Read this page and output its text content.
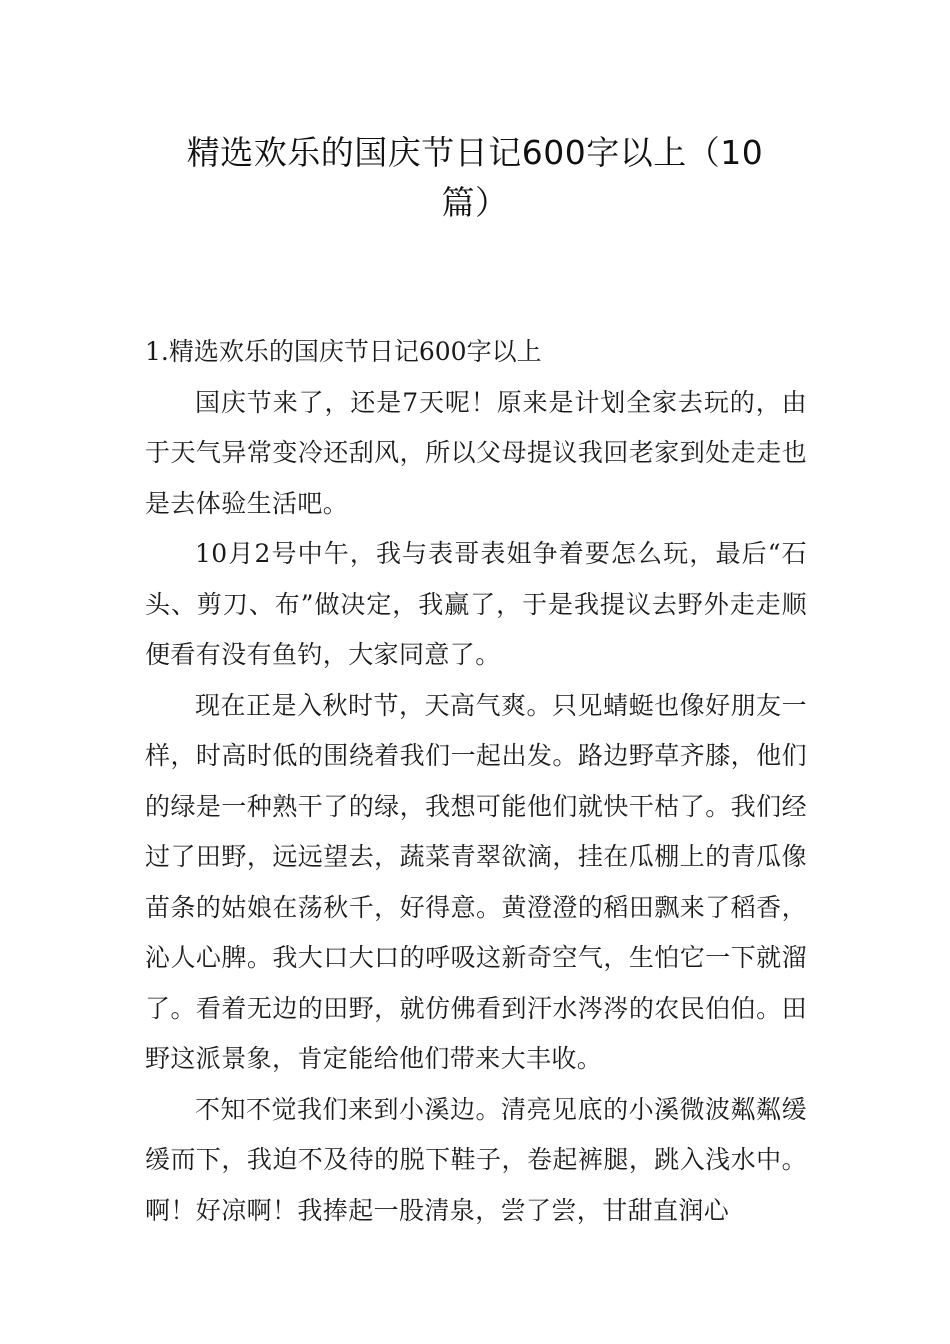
精选欢乐的国庆节日记600字以上（10
篇）

1.精选欢乐的国庆节日记600字以上

国庆节来了，还是7天呢！原来是计划全家去玩的，由于天气异常变冷还刮风，所以父母提议我回老家到处走走也是去体验生活吧。

10月2号中午，我与表哥表姐争着要怎么玩，最后“石头、剪刀、布”做决定，我赢了，于是我提议去野外走走顺便看有没有鱼钓，大家同意了。

现在正是入秋时节，天高气爽。只见蜻蜓也像好朋友一样，时高时低的围绕着我们一起出发。路边野草齐膝，他们的绿是一种熟干了的绿，我想可能他们就快干枯了。我们经过了田野，远远望去，蔬菜青翠欲滴，挂在瓜棚上的青瓜像苗条的姑娘在荡秋千，好得意。黄澄澄的稻田飘来了稻香，沁人心脾。我大口大口的呼吸这新奇空气，生怕它一下就溜了。看着无边的田野，就仿佛看到汗水涔涔的农民伯伯。田野这派景象，肯定能给他们带来大丰收。

不知不觉我们来到小溪边。清亮见底的小溪微波粼粼缓缓而下，我迫不及待的脱下鞋子，卷起裤腿，跳入浅水中。啊！好凉啊！我捧起一股清泉，尝了尝，甘甜直润心
